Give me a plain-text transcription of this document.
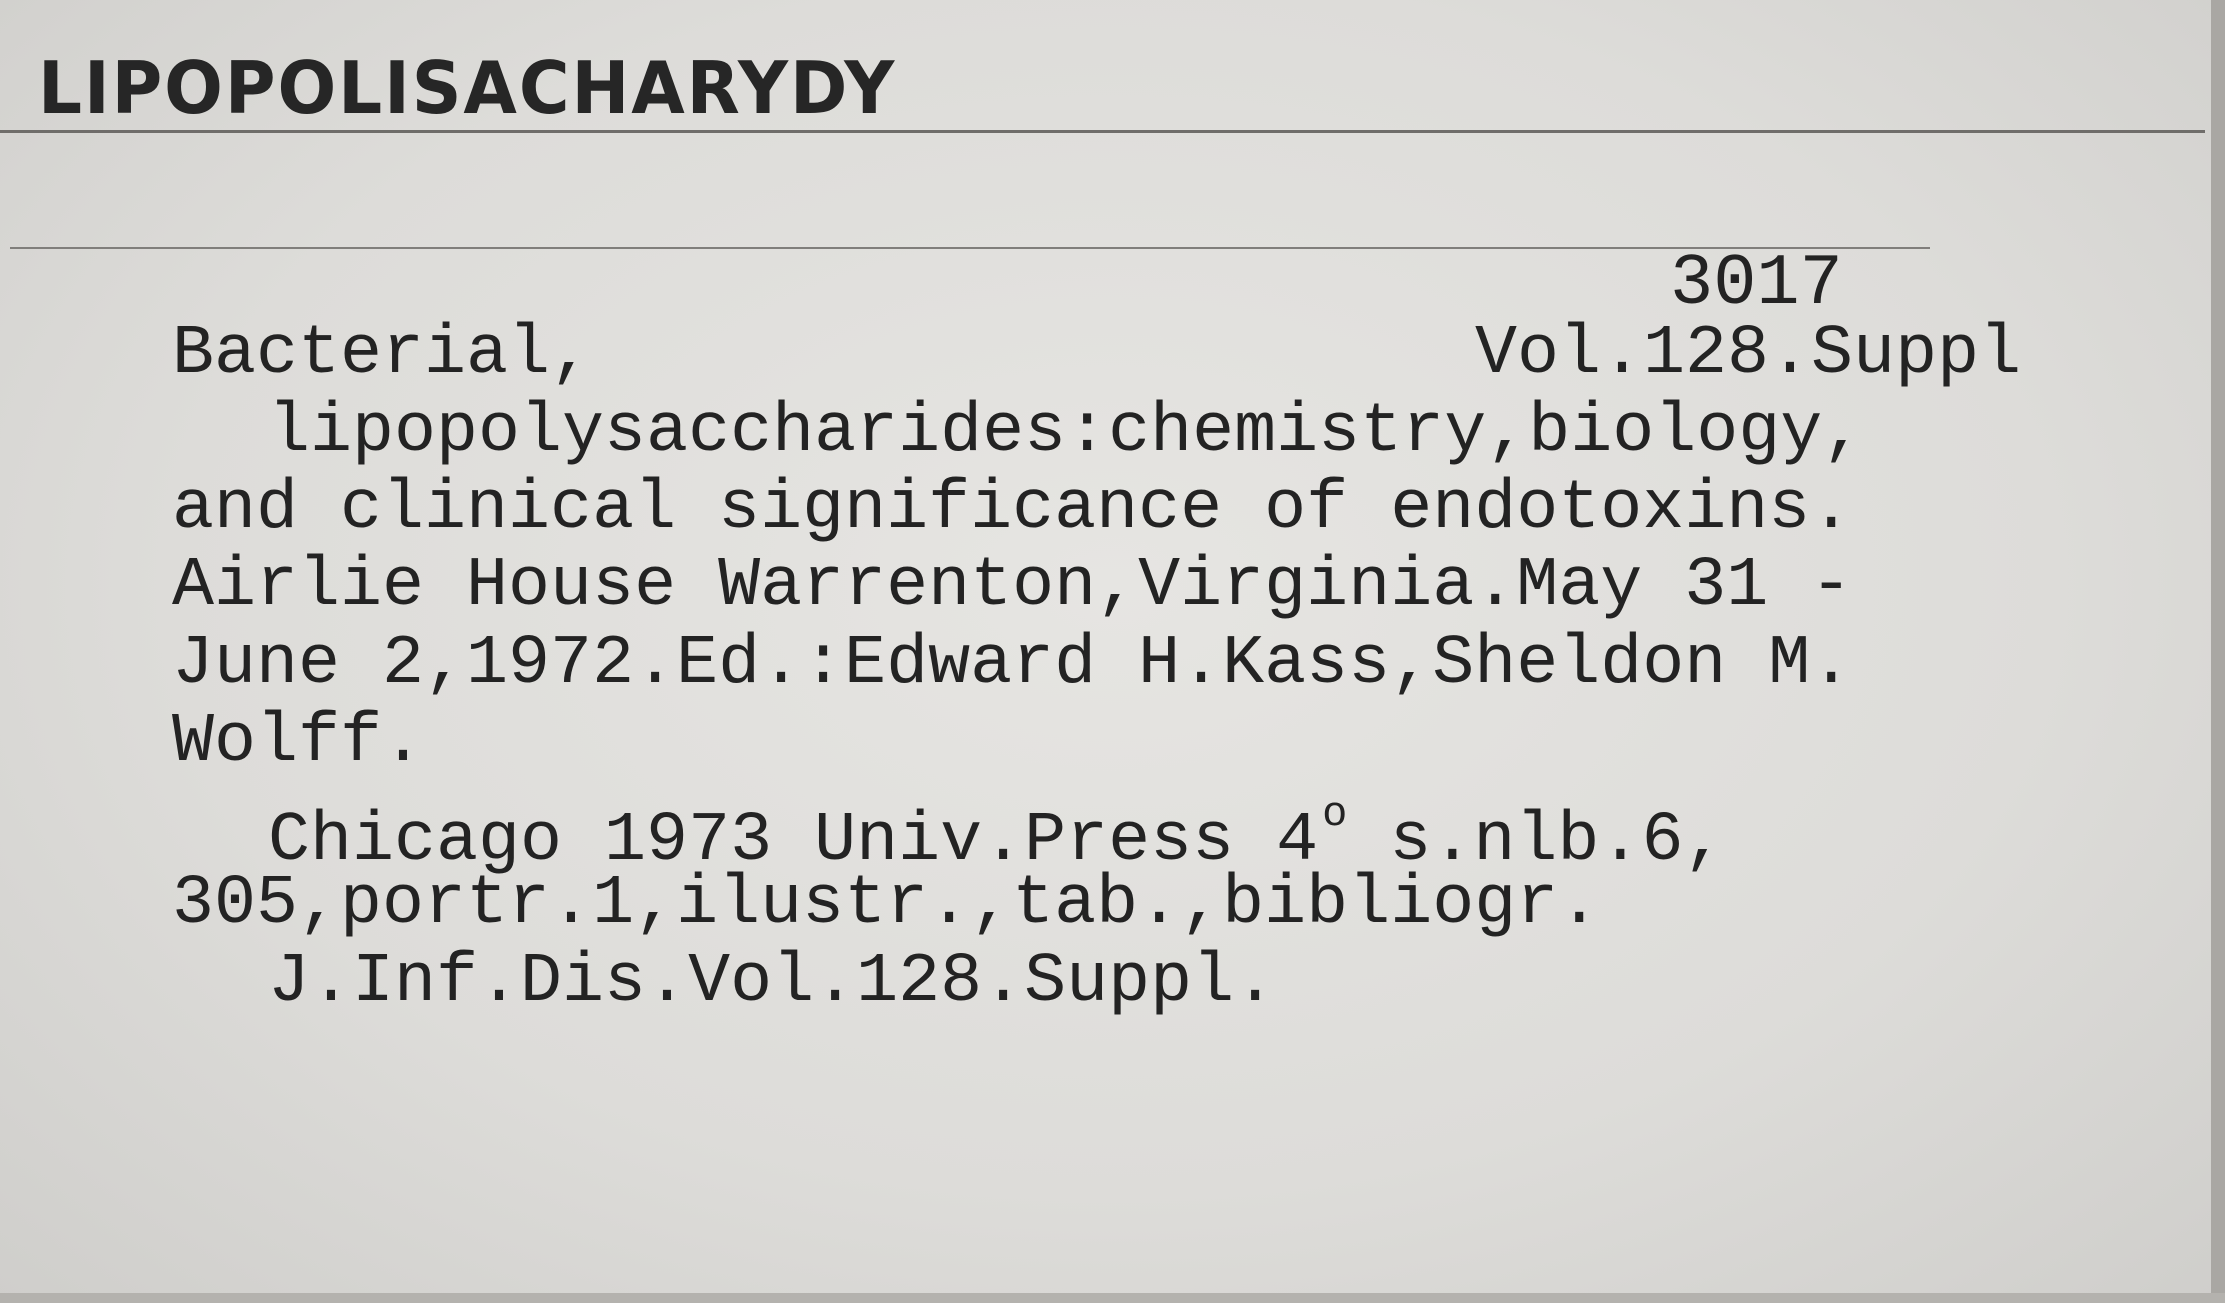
LIPOPOLISACHARYDY
3017
Vol.128.Suppl
Bacterial,
lipopolysaccharides:chemistry,biology,
and clinical significance of endotoxins.
Airlie House Warrenton,Virginia.May 31 -
June 2,1972.Ed.:Edward H.Kass,Sheldon M.
Wolff.
Chicago 1973 Univ.Press 4$^o$ s.nlb.6,
305,portr.1,ilustr.,tab.,bibliogr.
J.Inf.Dis.Vol.128.Suppl.
